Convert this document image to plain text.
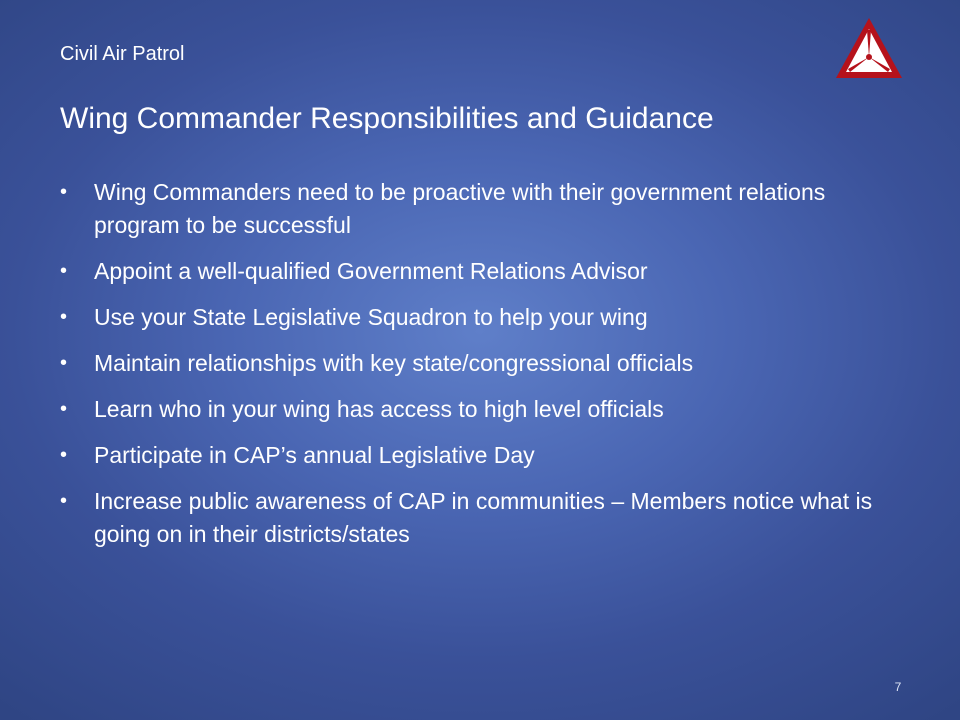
Civil Air Patrol
Wing Commander Responsibilities and Guidance
• Wing Commanders need to be proactive with their government relations program to be successful
• Appoint a well-qualified Government Relations Advisor
• Use your State Legislative Squadron to help your wing
• Maintain relationships with key state/congressional officials
• Learn who in your wing has access to high level officials
• Participate in CAP’s annual Legislative Day
• Increase public awareness of CAP in communities – Members notice what is going on in their districts/states
7
